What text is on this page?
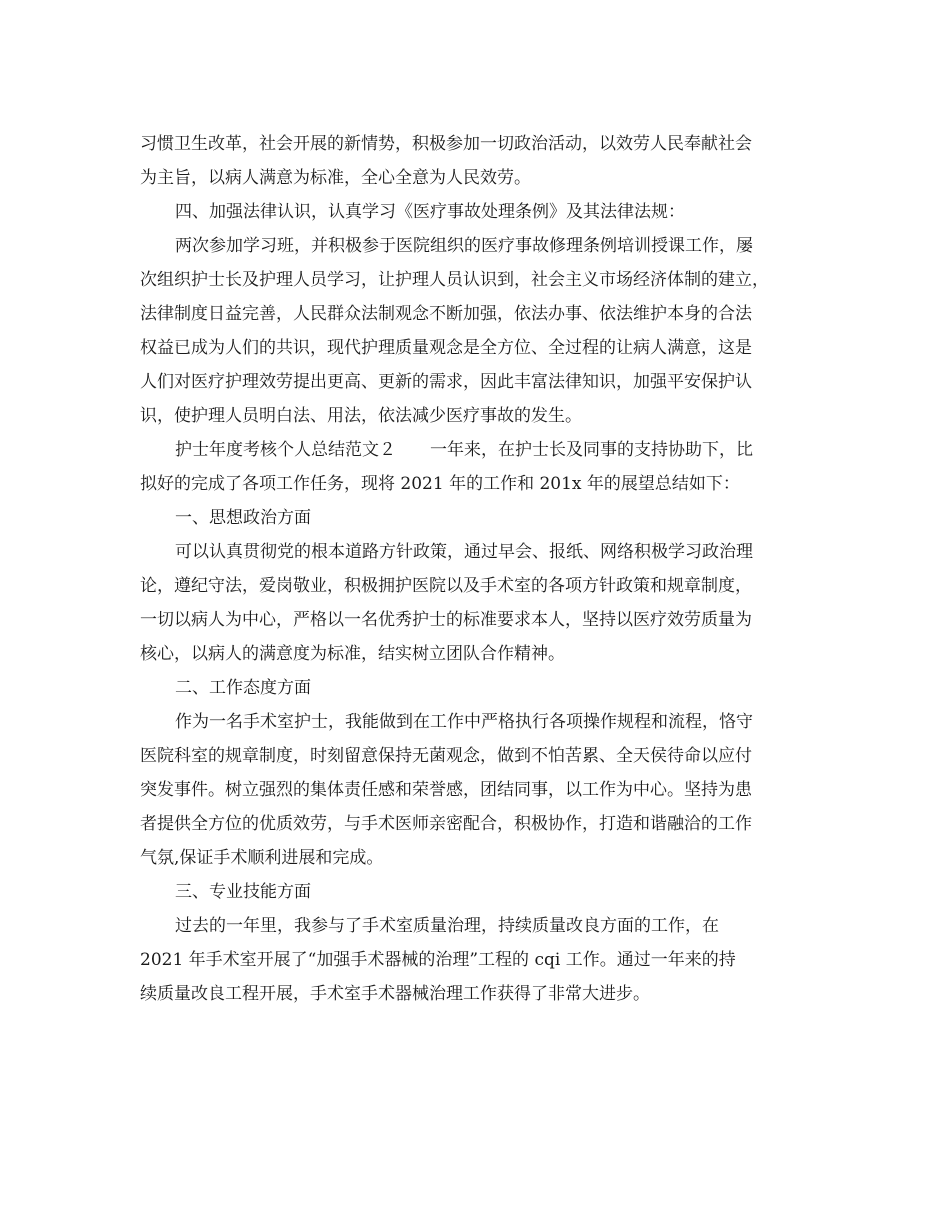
习惯卫生改革，社会开展的新情势，积极参加一切政治活动，以效劳人民奉献社会
为主旨，以病人满意为标准，全心全意为人民效劳。
四、加强法律认识，认真学习《医疗事故处理条例》及其法律法规：
两次参加学习班，并积极参于医院组织的医疗事故修理条例培训授课工作，屡
次组织护士长及护理人员学习，让护理人员认识到，社会主义市场经济体制的建立，
法律制度日益完善，人民群众法制观念不断加强，依法办事、依法维护本身的合法
权益已成为人们的共识，现代护理质量观念是全方位、全过程的让病人满意，这是
人们对医疗护理效劳提出更高、更新的需求，因此丰富法律知识，加强平安保护认
识，使护理人员明白法、用法，依法减少医疗事故的发生。
护士年度考核个人总结范文２　　一年来，在护士长及同事的支持协助下，比
拟好的完成了各项工作任务，现将 2021 年的工作和 201x 年的展望总结如下：
一、思想政治方面
可以认真贯彻党的根本道路方针政策，通过早会、报纸、网络积极学习政治理
论，遵纪守法，爱岗敬业，积极拥护医院以及手术室的各项方针政策和规章制度，
一切以病人为中心，严格以一名优秀护士的标准要求本人，坚持以医疗效劳质量为
核心，以病人的满意度为标准，结实树立团队合作精神。
二、工作态度方面
作为一名手术室护士，我能做到在工作中严格执行各项操作规程和流程，恪守
医院科室的规章制度，时刻留意保持无菌观念，做到不怕苦累、全天侯待命以应付
突发事件。树立强烈的集体责任感和荣誉感，团结同事，以工作为中心。坚持为患
者提供全方位的优质效劳，与手术医师亲密配合，积极协作，打造和谐融洽的工作
气氛,保证手术顺利进展和完成。
三、专业技能方面
过去的一年里，我参与了手术室质量治理，持续质量改良方面的工作，在
2021 年手术室开展了“加强手术器械的治理”工程的 cqi 工作。通过一年来的持
续质量改良工程开展，手术室手术器械治理工作获得了非常大进步。
